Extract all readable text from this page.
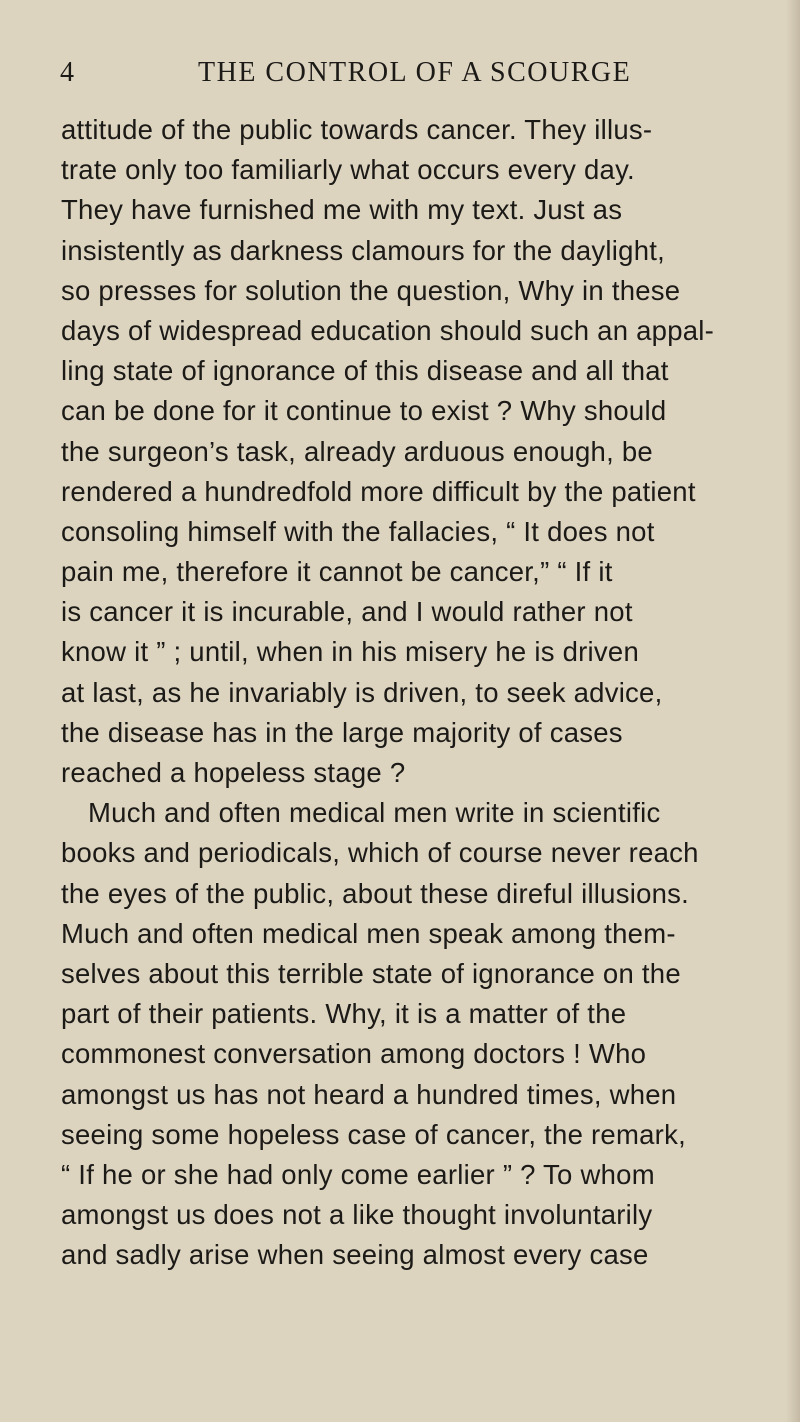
4	THE CONTROL OF A SCOURGE
attitude of the public towards cancer. They illus-
trate only too familiarly what occurs every day.
They have furnished me with my text. Just as
insistently as darkness clamours for the daylight,
so presses for solution the question, Why in these
days of widespread education should such an appal-
ling state of ignorance of this disease and all that
can be done for it continue to exist ? Why should
the surgeon’s task, already arduous enough, be
rendered a hundredfold more difficult by the patient
consoling himself with the fallacies, “ It does not
pain me, therefore it cannot be cancer,” “ If it
is cancer it is incurable, and I would rather not
know it ” ; until, when in his misery he is driven
at last, as he invariably is driven, to seek advice,
the disease has in the large majority of cases
reached a hopeless stage ?
Much and often medical men write in scientific
books and periodicals, which of course never reach
the eyes of the public, about these direful illusions.
Much and often medical men speak among them-
selves about this terrible state of ignorance on the
part of their patients. Why, it is a matter of the
commonest conversation among doctors ! Who
amongst us has not heard a hundred times, when
seeing some hopeless case of cancer, the remark,
“ If he or she had only come earlier ” ? To whom
amongst us does not a like thought involuntarily
and sadly arise when seeing almost every case
